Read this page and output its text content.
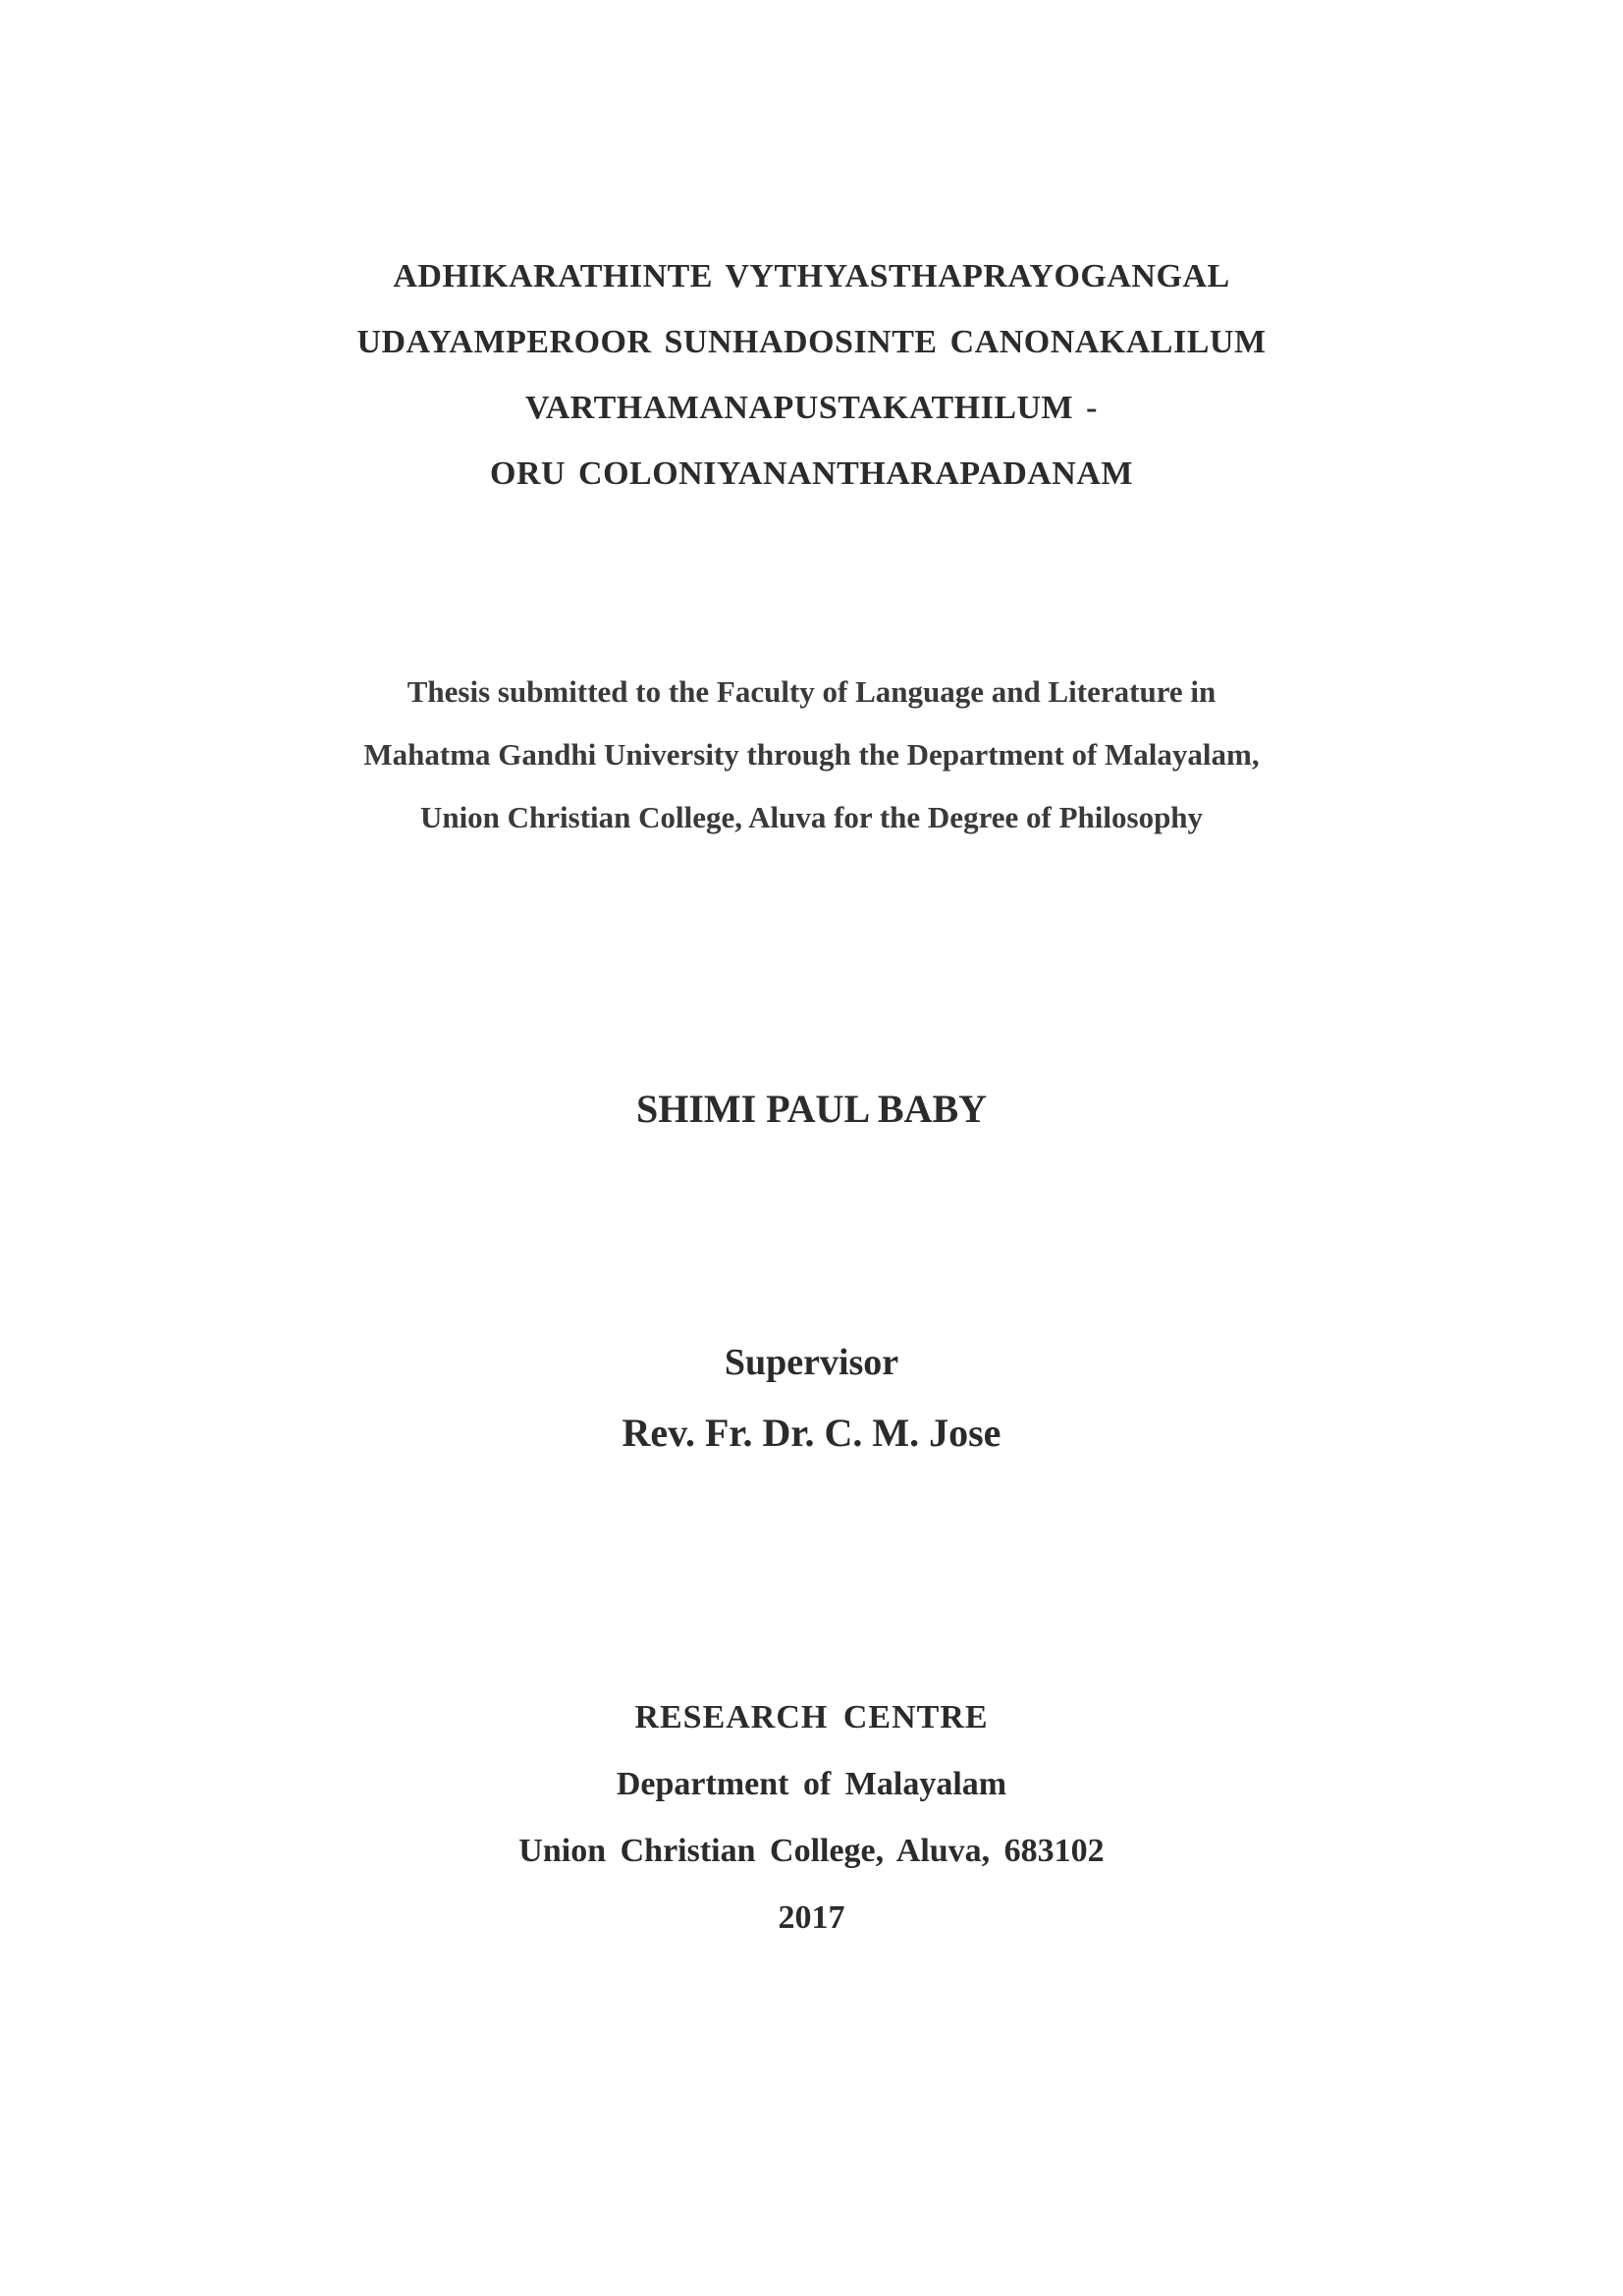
ADHIKARATHINTE VYTHYASTHAPRAYOGANGAL
UDAYAMPEROOR SUNHADOSINTE CANONAKALILUM
VARTHAMANAPUSTAKATHILUM -
ORU COLONIYANANTHARAPADANAM
Thesis submitted to the Faculty of Language and Literature in
Mahatma Gandhi University through the Department of Malayalam,
Union Christian College, Aluva for the Degree of Philosophy
SHIMI PAUL BABY
Supervisor
Rev. Fr. Dr. C. M. Jose
RESEARCH CENTRE
Department of Malayalam
Union Christian College, Aluva, 683102
2017
